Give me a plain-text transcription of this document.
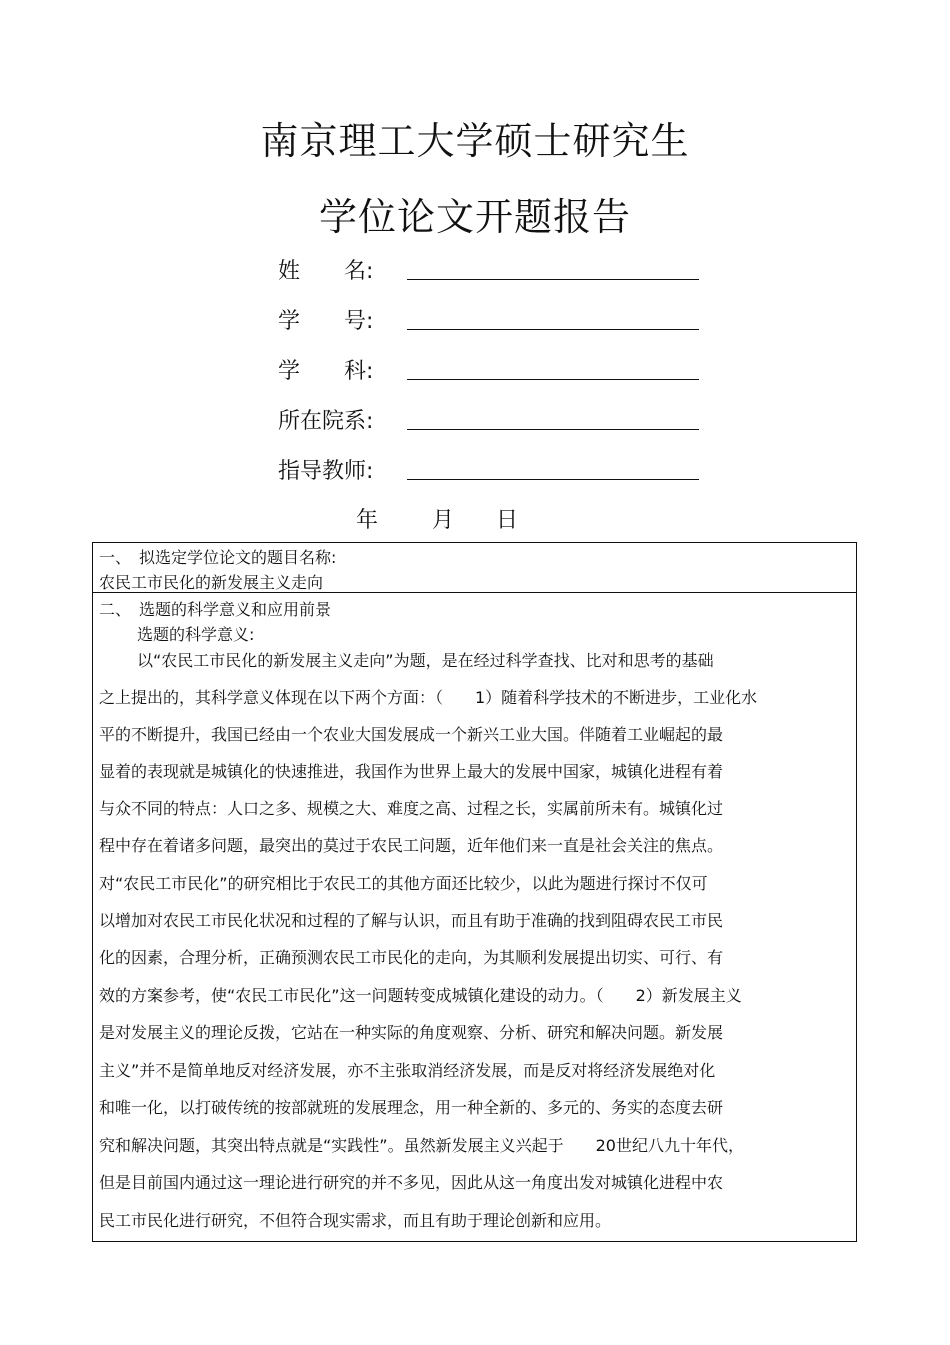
南京理工大学硕士研究生
学位论文开题报告
姓　　名:
学　　号:
学　　科:
所在院系:
指导教师:
年 月 日
一、　拟选定学位论文的题目名称:
农民工市民化的新发展主义走向
二、　选题的科学意义和应用前景
选题的科学意义:
以“农民工市民化的新发展主义走向”为题，是在经过科学查找、比对和思考的基础
之上提出的，其科学意义体现在以下两个方面：（　　1）随着科学技术的不断进步，工业化水
平的不断提升，我国已经由一个农业大国发展成一个新兴工业大国。伴随着工业崛起的最
显着的表现就是城镇化的快速推进，我国作为世界上最大的发展中国家，城镇化进程有着
与众不同的特点：人口之多、规模之大、难度之高、过程之长，实属前所未有。城镇化过
程中存在着诸多问题，最突出的莫过于农民工问题，近年他们来一直是社会关注的焦点。
对“农民工市民化”的研究相比于农民工的其他方面还比较少，以此为题进行探讨不仅可
以增加对农民工市民化状况和过程的了解与认识，而且有助于准确的找到阻碍农民工市民
化的因素，合理分析，正确预测农民工市民化的走向，为其顺利发展提出切实、可行、有
效的方案参考，使“农民工市民化”这一问题转变成城镇化建设的动力。（　　2）新发展主义
是对发展主义的理论反拨，它站在一种实际的角度观察、分析、研究和解决问题。新发展
主义”并不是简单地反对经济发展，亦不主张取消经济发展，而是反对将经济发展绝对化
和唯一化，以打破传统的按部就班的发展理念，用一种全新的、多元的、务实的态度去研
究和解决问题，其突出特点就是“实践性”。虽然新发展主义兴起于　　20世纪八九十年代，
但是目前国内通过这一理论进行研究的并不多见，因此从这一角度出发对城镇化进程中农
民工市民化进行研究，不但符合现实需求，而且有助于理论创新和应用。
